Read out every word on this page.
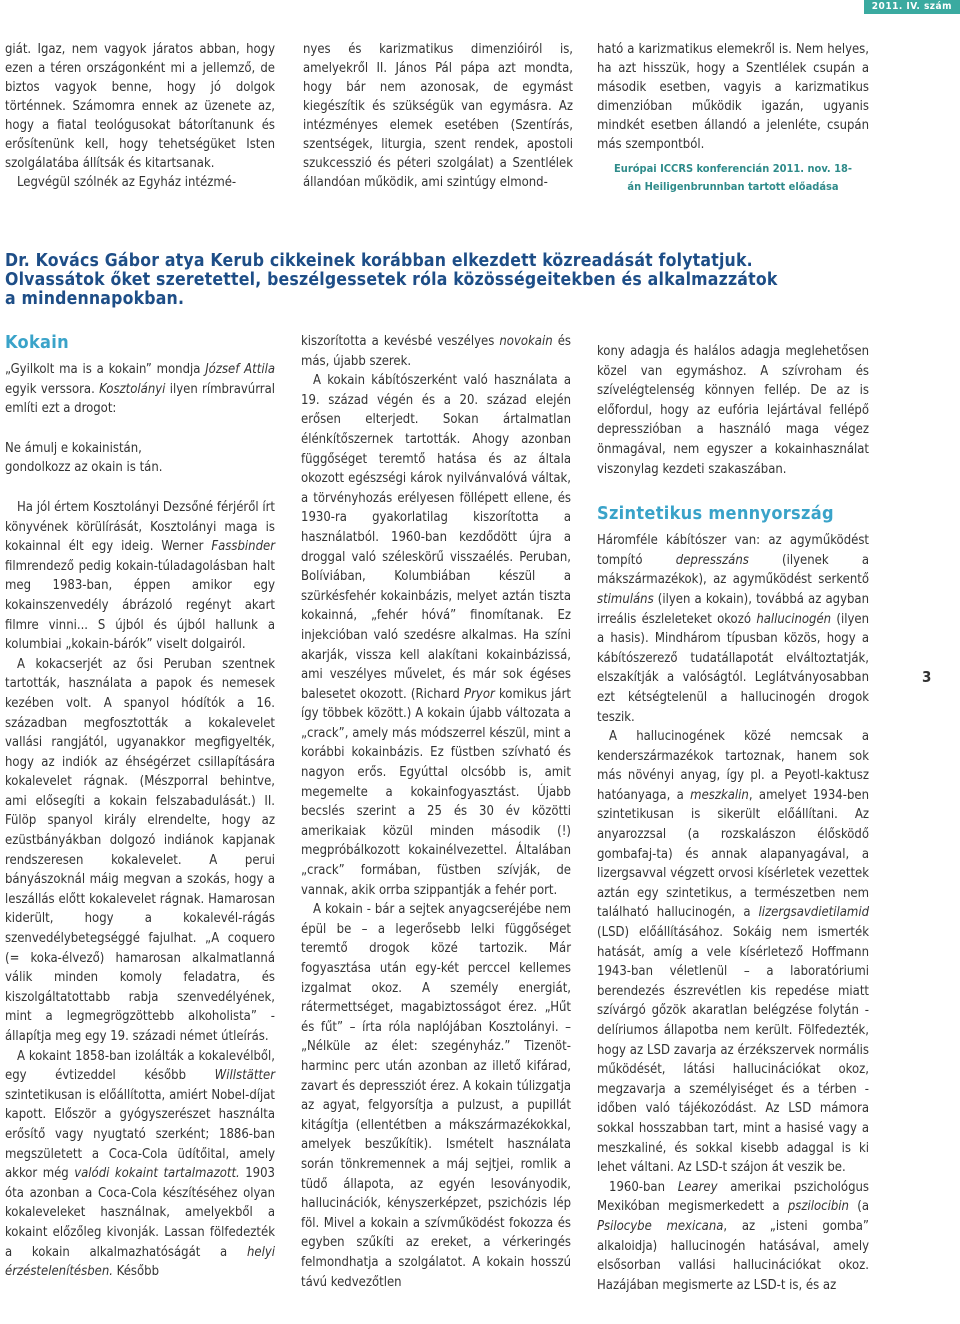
2011. IV. szám

giát. Igaz, nem vagyok járatos abban, hogy ezen a téren országonként mi a jellemző, de biztos vagyok benne, hogy jó dolgok történnek. Számomra ennek az üzenete az, hogy a fiatal teológusokat bátorítanunk és erősítenünk kell, hogy tehetségüket Isten szolgálatába állítsák és kitartsanak.

Legvégül szólnék az Egyház intézmé-

nyes és karizmatikus dimenzióiról is, amelyekről II. János Pál pápa azt mondta, hogy bár nem azonosak, de egymást kiegészítik és szükségük van egymásra. Az intézményes elemek esetében (Szentírás, szentségek, liturgia, szent rendek, apostoli szukcesszió és péteri szolgálat) a Szentlélek állandóan működik, ami szintúgy elmond-

ható a karizmatikus elemekről is. Nem helyes, ha azt hisszük, hogy a Szentlélek csupán a második esetben, vagyis a karizmatikus dimenzióban működik igazán, ugyanis mindkét esetben állandó a jelenléte, csupán más szempontból.

Európai ICCRS konferencián 2011. nov. 18-
án Heiligenbrunnban tartott előadása

Dr. Kovács Gábor atya Kerub cikkeinek korábban elkezdett közreadását folytatjuk.

Olvassátok őket szeretettel, beszélgessetek róla közösségeitekben és alkalmazzátok

a mindennapokban.

Kokain

„Gyilkolt ma is a kokain” mondja József Attila egyik verssora. Kosztolányi ilyen rímbravúrral említi ezt a drogot:

Ne ámulj e kokainistán,
gondolkozz az okain is tán.

Ha jól értem Kosztolányi Dezsőné férjéről írt könyvének körülírását, Kosztolányi maga is kokainnal élt egy ideig. Werner Fassbinder filmrendező pedig kokain-túladagolásban halt meg 1983-ban, éppen amikor egy kokainszenvedély ábrázoló regényt akart filmre vinni... S újból és újból hallunk a kolumbiai „kokain-bárók” viselt dolgairól.

A kokacserjét az ősi Peruban szentnek tartották, használata a papok és nemesek kezében volt. A spanyol hódítók a 16. században megfosztották a kokalevelet vallási rangjától, ugyanakkor megfigyelték, hogy az indiók az éhségérzet csillapítására kokalevelet rágnak. (Mészporral behintve, ami elősegíti a kokain felszabadulását.) II. Fülöp spanyol király elrendelte, hogy az ezüstbányákban dolgozó indiánok kapjanak rendszeresen kokalevelet. A perui bányászoknál máig megvan a szokás, hogy a leszállás előtt kokalevelet rágnak. Hamarosan kiderült, hogy a kokalevél-rágás szenvedélybetegséggé fajulhat. „A coquero (= koka-élvező) hamarosan alkalmatlanná válik minden komoly feladatra, és kiszolgáltatottabb rabja szenvedélyének, mint a legmegrögzöttebb alkoholista” - állapítja meg egy 19. századi német útleírás.

A kokaint 1858-ban izolálták a kokalevélből, egy évtizeddel később Willstätter szintetikusan is előállította, amiért Nobel-díjat kapott. Először a gyógyszerészet használta erősítő vagy nyugtató szerként; 1886-ban megszületett a Coca-Cola üdítőital, amely akkor még valódi kokaint tartalmazott. 1903 óta azonban a Coca-Cola készítéséhez olyan kokaleveleket használnak, amelyekből a kokaint előzőleg kivonják. Lassan fölfedezték a kokain alkalmazhatóságát a helyi érzéstelenítésben. Később

kiszorította a kevésbé veszélyes novokain és más, újabb szerek.

A kokain kábítószerként való használata a 19. század végén és a 20. század elején erősen elterjedt. Sokan ártalmatlan élénkítőszernek tartották. Ahogy azonban függőséget teremtő hatása és az általa okozott egészségi károk nyilvánvalóvá váltak, a törvényhozás erélyesen föllépett ellene, és 1930-ra gyakorlatilag kiszorította a használatból. 1960-ban kezdődött újra a droggal való széleskörű visszaélés. Peruban, Bolíviában, Kolumbiában készül a szürkésfehér kokainbázis, melyet aztán tiszta kokainná, „fehér hóvá” finomítanak. Ez injekcióban való szedésre alkalmas. Ha színi akarják, vissza kell alakítani kokainbázissá, ami veszélyes művelet, és már sok égéses balesetet okozott. (Richard Pryor komikus járt így többek között.) A kokain újabb változata a „crack”, amely más módszerrel készül, mint a korábbi kokainbázis. Ez füstben szívható és nagyon erős. Egyúttal olcsóbb is, amit megemelte a kokainfogyasztást. Újabb becslés szerint a 25 és 30 év közötti amerikaiak közül minden második (!) megpróbálkozott kokainélvezettel. Általában „crack” formában, füstben szívják, de vannak, akik orrba szippantják a fehér port.

A kokain - bár a sejtek anyagcseréjébe nem épül be – a legerősebb lelki függőséget teremtő drogok közé tartozik. Már fogyasztása után egy-két perccel kellemes izgalmat okoz. A személy energiát, rátermettséget, magabiztosságot érez. „Hűt és fűt” – írta róla naplójában Kosztolányi. – „Nélküle az élet: szegényház.” Tizenöt-harminc perc után azonban az illető kifárad, zavart és depressziót érez. A kokain túlizgatja az agyat, felgyorsítja a pulzust, a pupillát kitágítja (ellentétben a mákszármazékokkal, amelyek beszűkítik). Ismételt használata során tönkremennek a máj sejtjei, romlik a tüdő állapota, az egyén lesoványodik, hallucinációk, kényszerképzet, pszichózis lép föl. Mivel a kokain a szívműködést fokozza és egyben szűkíti az ereket, a vérkeringés felmondhatja a szolgálatot. A kokain hosszú távú kedvezőtlen

kony adagja és halálos adagja meglehetősen közel van egymáshoz. A szívroham és szívelégtelenség könnyen fellép. De az is előfordul, hogy az eufória lejártával fellépő depresszióban a használó maga végez önmagával, nem egyszer a kokainhasználat viszonylag kezdeti szakaszában.

Szintetikus mennyország

Háromféle kábítószer van: az agyműködést tompító depresszáns (ilyenek a mákszármazékok), az agyműködést serkentő stimuláns (ilyen a kokain), továbbá az agyban irreális észleleteket okozó hallucinogén (ilyen a hasis). Mindhárom típusban közös, hogy a kábítószerező tudatállapotát elváltoztatják, elszakítják a valóságtól. Leglátványosabban ezt kétségtelenül a hallucinogén drogok teszik.

A hallucinogének közé nemcsak a kenderszármazékok tartoznak, hanem sok más növényi anyag, így pl. a Peyotl-kaktusz hatóanyaga, a meszkalin, amelyet 1934-ben szintetikusan is sikerült előállítani. Az anyarozzsal (a rozskalászon élősködő gombafaj-ta) és annak alapanyagával, a lizergsavval végzett orvosi kísérletek vezettek aztán egy szintetikus, a természetben nem található hallucinogén, a lizergsavdietilamid (LSD) előállításához. Sokáig nem ismerték hatását, amíg a vele kísérletező Hoffmann 1943-ban véletlenül – a laboratóriumi berendezés észrevétlen kis repedése miatt szívárgó gőzök akaratlan belégzése folytán - delíriumos állapotba nem került. Fölfedezték, hogy az LSD zavarja az érzékszervek normális működését, látási hallucinációkat okoz, megzavarja a személyiséget és a térben - időben való tájékozódást. Az LSD mámora sokkal hosszabban tart, mint a hasisé vagy a meszkaliné, és sokkal kisebb adaggal is ki lehet váltani. Az LSD-t szájon át veszik be.

1960-ban Learey amerikai pszichológus Mexikóban megismerkedett a pszilocibin (a Psilocybe mexicana, az „isteni gomba” alkaloidja) hallucinogén hatásával, amely elsősorban vallási hallucinációkat okoz. Hazájában megismerte az LSD-t is, és az

3
